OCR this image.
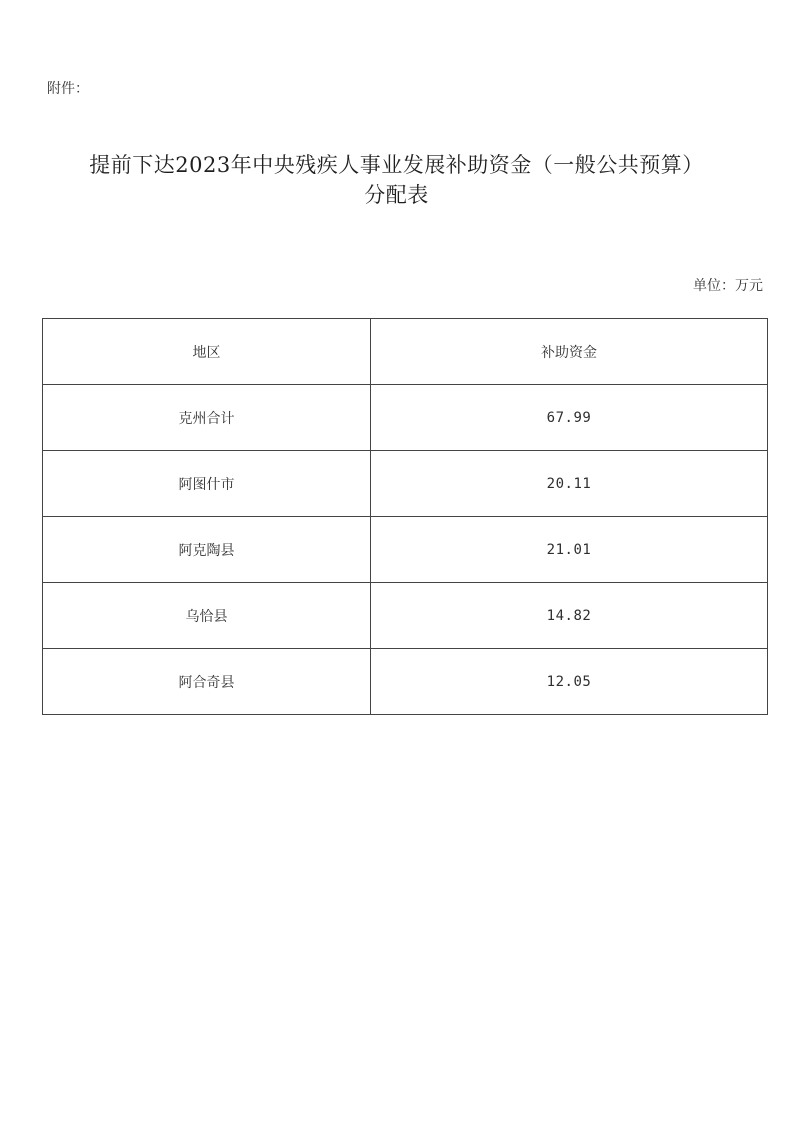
附件：
提前下达2023年中央残疾人事业发展补助资金（一般公共预算）
分配表
单位：万元
地区	补助资金
克州合计	67.99
阿图什市	20.11
阿克陶县	21.01
乌恰县	14.82
阿合奇县	12.05
